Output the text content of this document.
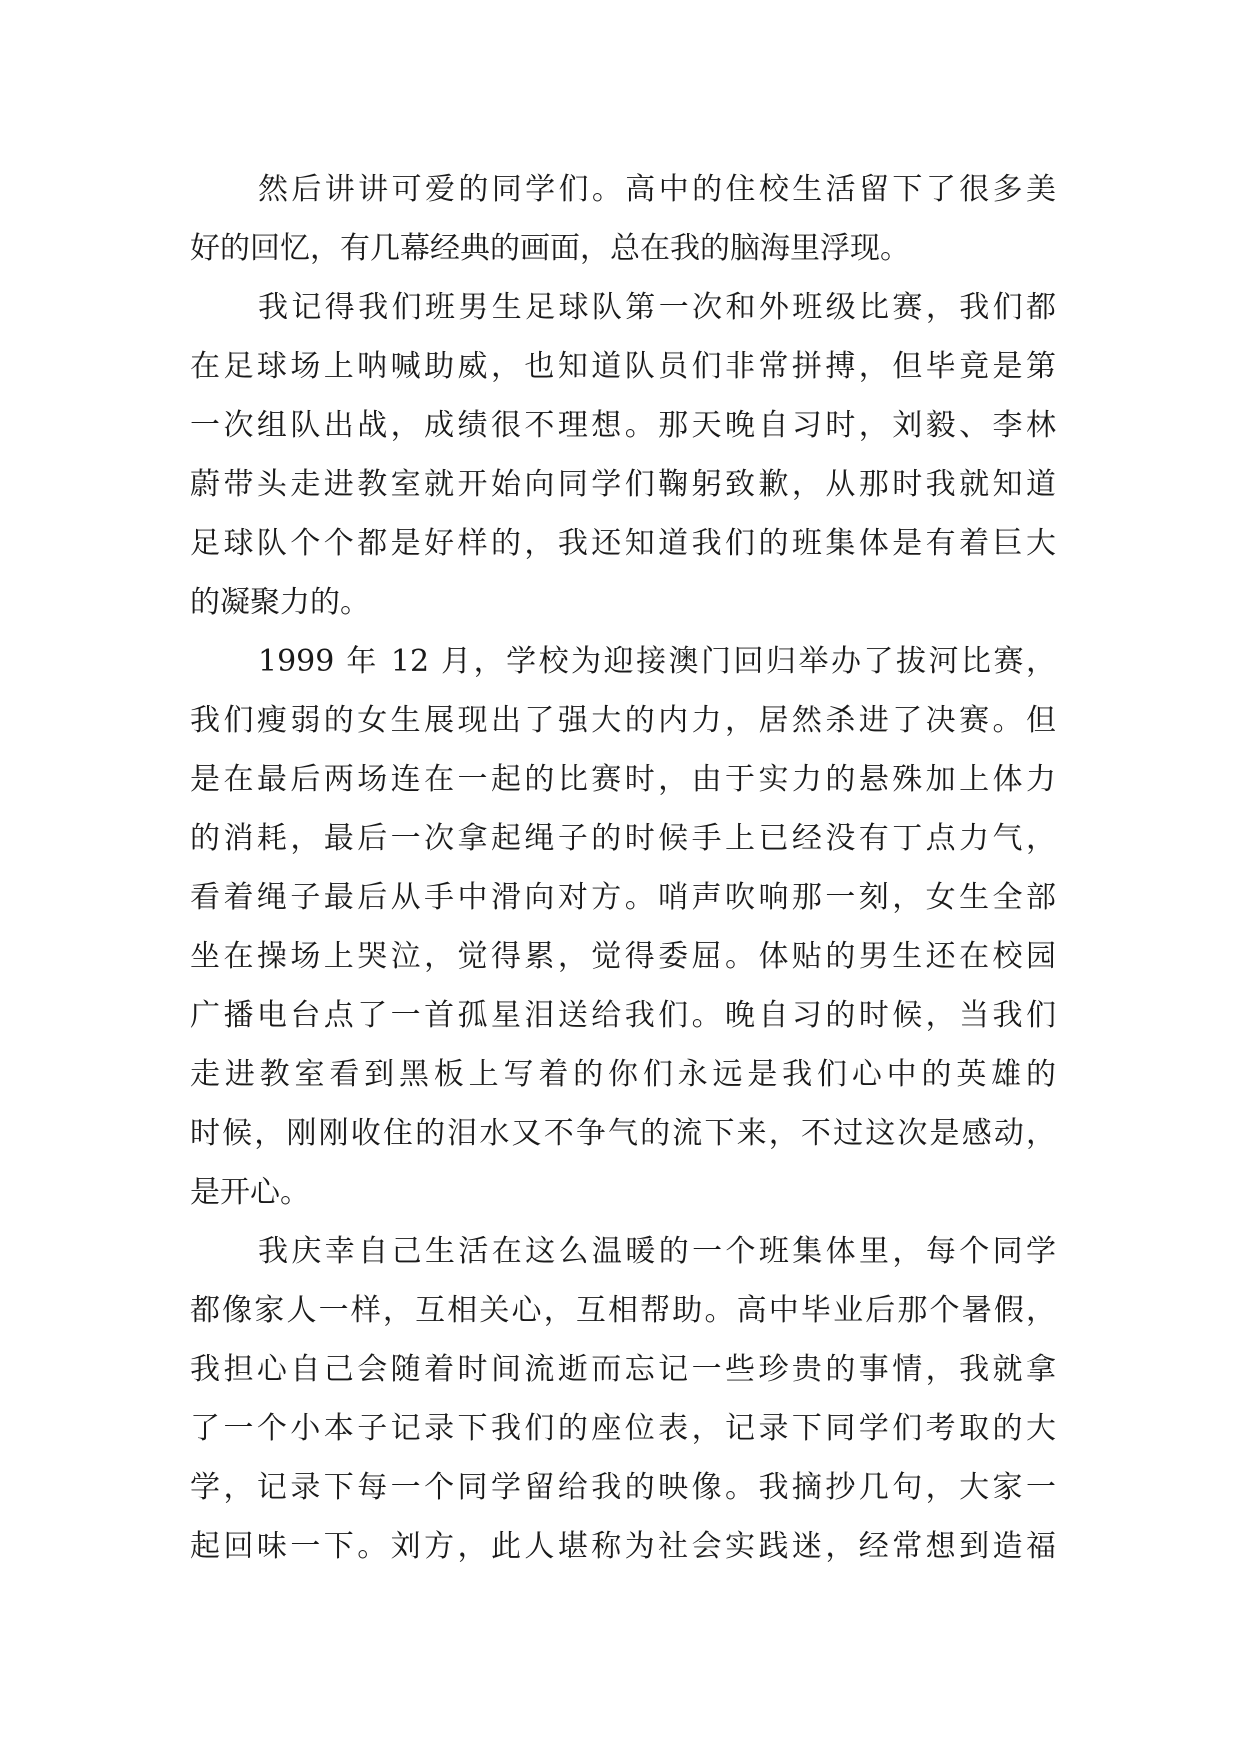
然后讲讲可爱的同学们。高中的住校生活留下了很多美
好的回忆，有几幕经典的画面，总在我的脑海里浮现。
我记得我们班男生足球队第一次和外班级比赛，我们都
在足球场上呐喊助威，也知道队员们非常拼搏，但毕竟是第
一次组队出战，成绩很不理想。那天晚自习时，刘毅、李林
蔚带头走进教室就开始向同学们鞠躬致歉，从那时我就知道
足球队个个都是好样的，我还知道我们的班集体是有着巨大
的凝聚力的。
1999 年 12 月，学校为迎接澳门回归举办了拔河比赛，
我们瘦弱的女生展现出了强大的内力，居然杀进了决赛。但
是在最后两场连在一起的比赛时，由于实力的悬殊加上体力
的消耗，最后一次拿起绳子的时候手上已经没有丁点力气，
看着绳子最后从手中滑向对方。哨声吹响那一刻，女生全部
坐在操场上哭泣，觉得累，觉得委屈。体贴的男生还在校园
广播电台点了一首孤星泪送给我们。晚自习的时候，当我们
走进教室看到黑板上写着的你们永远是我们心中的英雄的
时候，刚刚收住的泪水又不争气的流下来，不过这次是感动，
是开心。
我庆幸自己生活在这么温暖的一个班集体里，每个同学
都像家人一样，互相关心，互相帮助。高中毕业后那个暑假，
我担心自己会随着时间流逝而忘记一些珍贵的事情，我就拿
了一个小本子记录下我们的座位表，记录下同学们考取的大
学，记录下每一个同学留给我的映像。我摘抄几句，大家一
起回味一下。刘方，此人堪称为社会实践迷，经常想到造福
